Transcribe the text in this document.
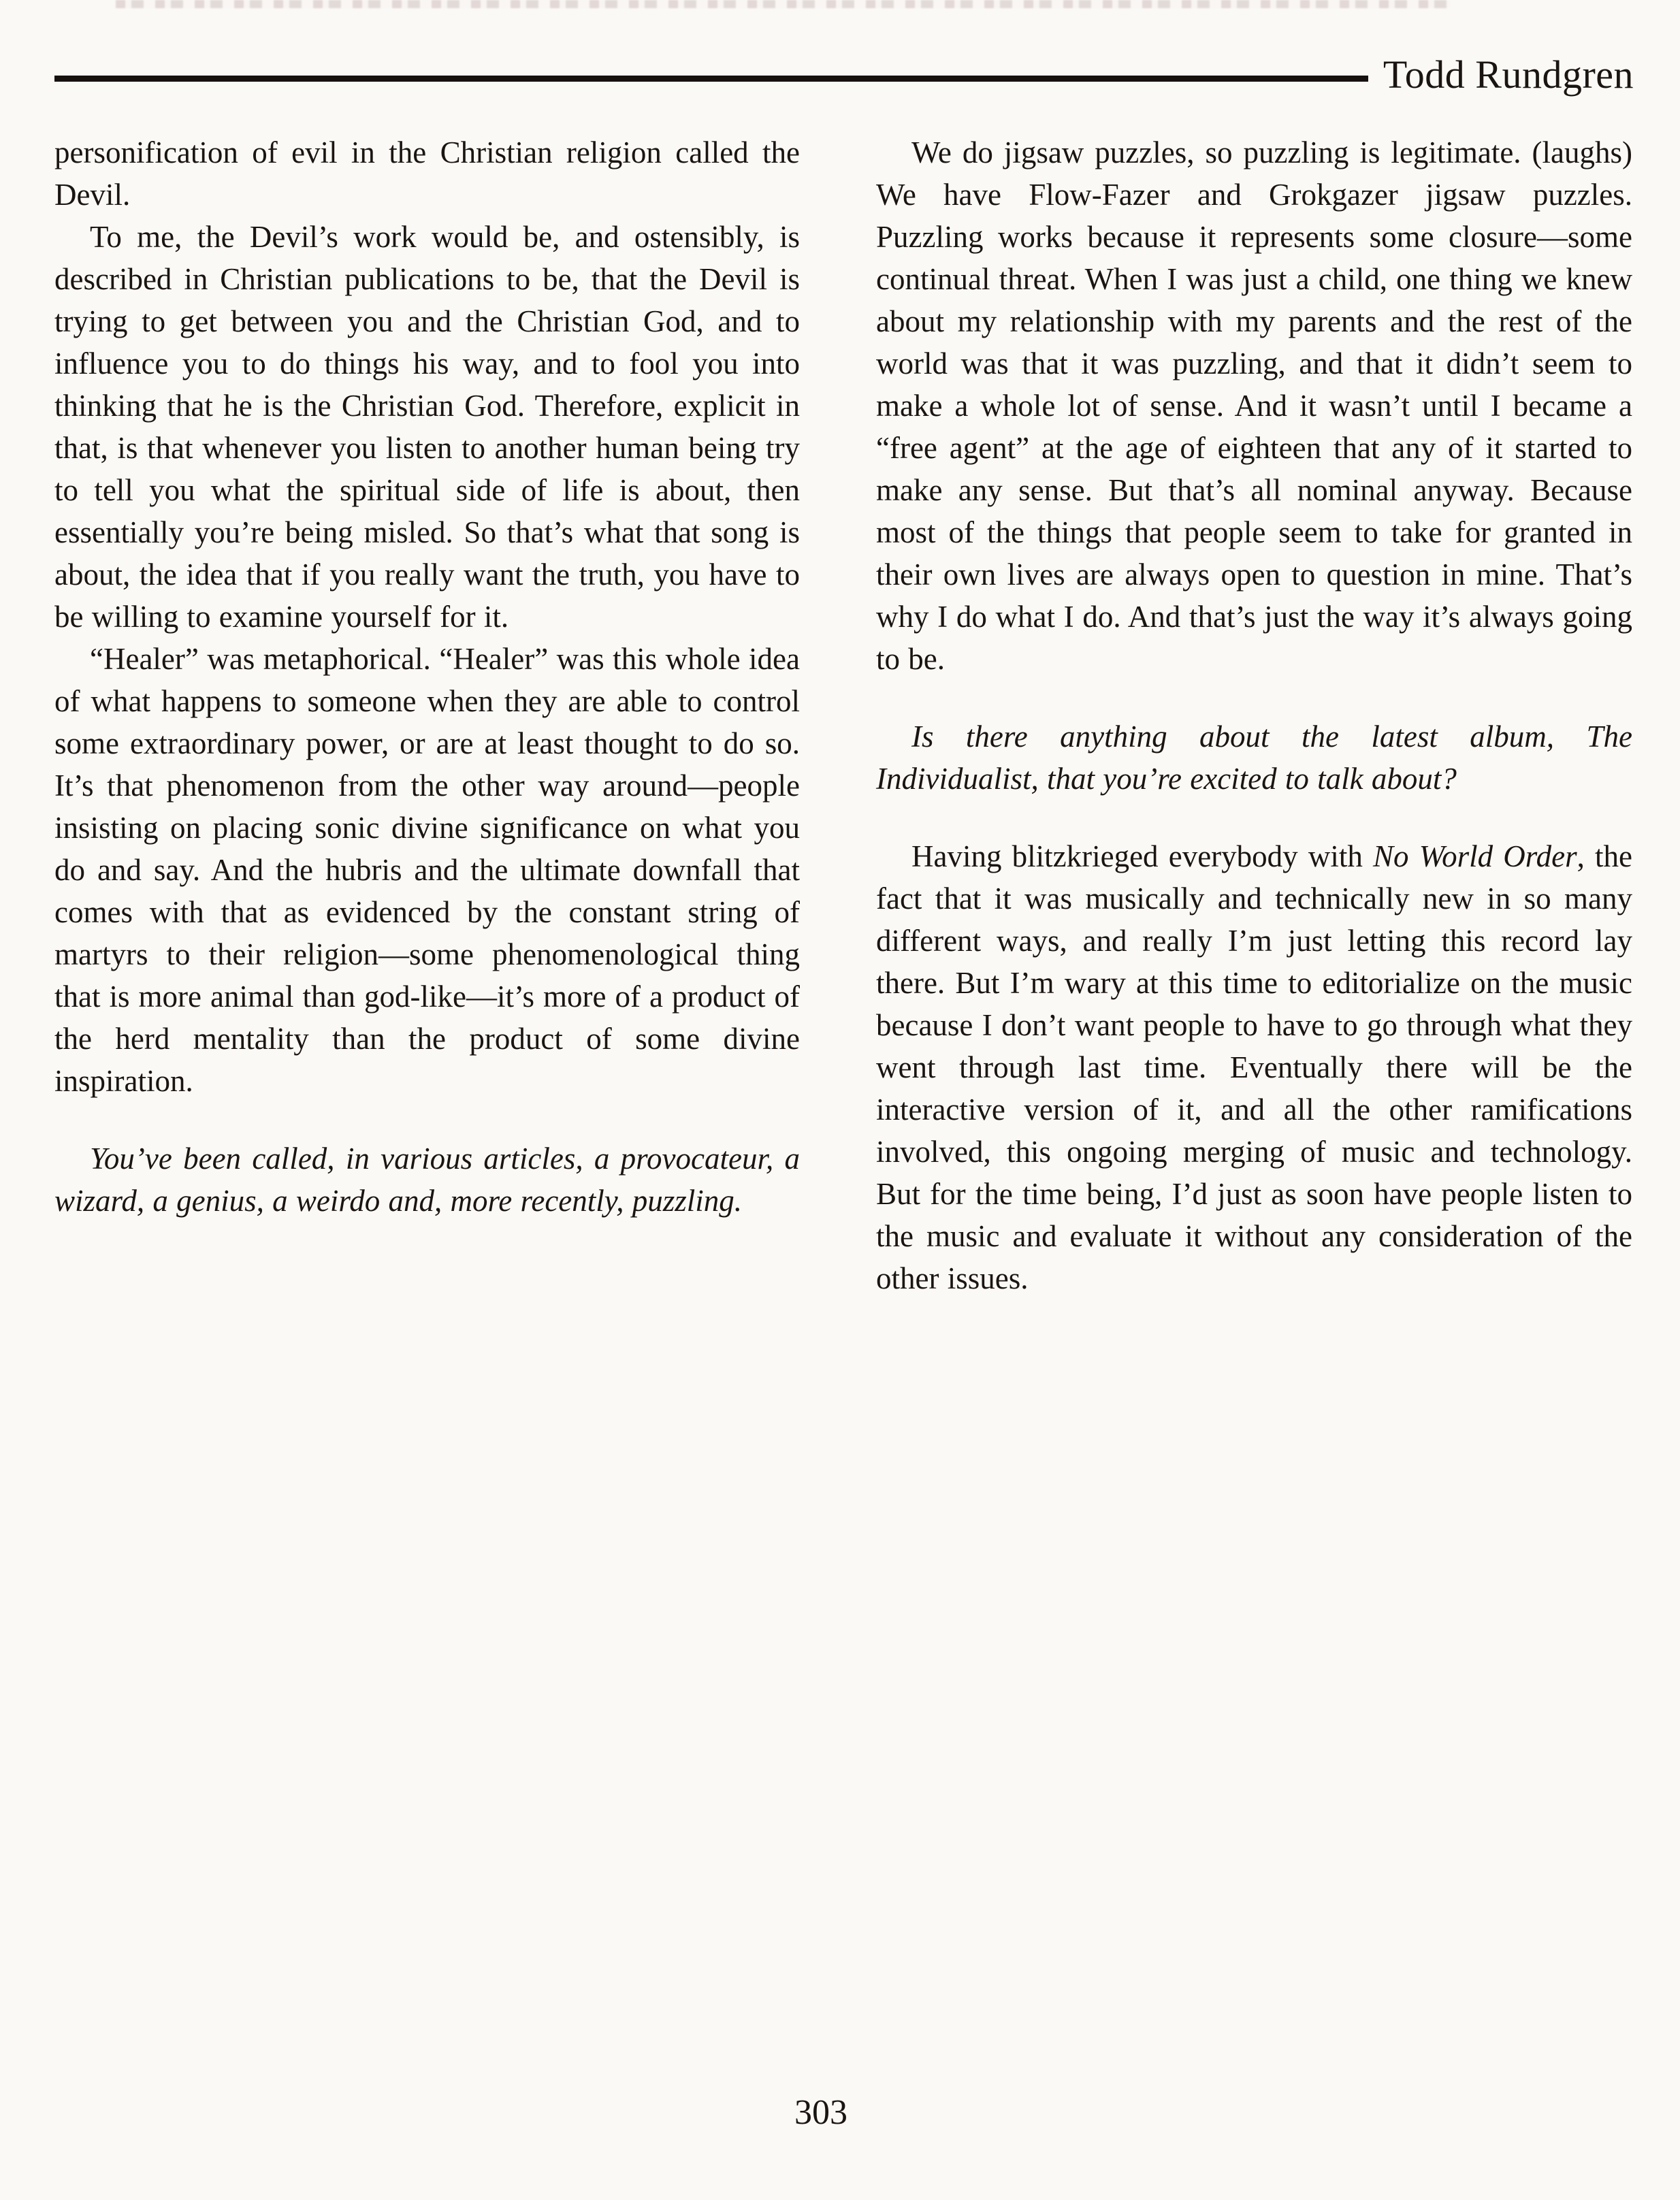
Todd Rundgren

personification of evil in the Christian religion called the Devil.

To me, the Devil’s work would be, and ostensibly, is described in Christian publications to be, that the Devil is trying to get between you and the Christian God, and to influence you to do things his way, and to fool you into thinking that he is the Christian God. Therefore, explicit in that, is that whenever you listen to another human being try to tell you what the spiritual side of life is about, then essentially you’re being misled. So that’s what that song is about, the idea that if you really want the truth, you have to be willing to examine yourself for it.

“Healer” was metaphorical. “Healer” was this whole idea of what happens to someone when they are able to control some extraordinary power, or are at least thought to do so. It’s that phenomenon from the other way around—people insisting on placing sonic divine significance on what you do and say. And the hubris and the ultimate downfall that comes with that as evidenced by the constant string of martyrs to their religion—some phenomenological thing that is more animal than god-like—it’s more of a product of the herd mentality than the product of some divine inspiration.

You’ve been called, in various articles, a provocateur, a wizard, a genius, a weirdo and, more recently, puzzling.

We do jigsaw puzzles, so puzzling is legitimate. (laughs) We have Flow-Fazer and Grokgazer jigsaw puzzles. Puzzling works because it represents some closure—some continual threat. When I was just a child, one thing we knew about my relationship with my parents and the rest of the world was that it was puzzling, and that it didn’t seem to make a whole lot of sense. And it wasn’t until I became a “free agent” at the age of eighteen that any of it started to make any sense. But that’s all nominal anyway. Because most of the things that people seem to take for granted in their own lives are always open to question in mine. That’s why I do what I do. And that’s just the way it’s always going to be.

Is there anything about the latest album, The Individualist, that you’re excited to talk about?

Having blitzkrieged everybody with No World Order, the fact that it was musically and technically new in so many different ways, and really I’m just letting this record lay there. But I’m wary at this time to editorialize on the music because I don’t want people to have to go through what they went through last time. Eventually there will be the interactive version of it, and all the other ramifications involved, this ongoing merging of music and technology. But for the time being, I’d just as soon have people listen to the music and evaluate it without any consideration of the other issues.

303
